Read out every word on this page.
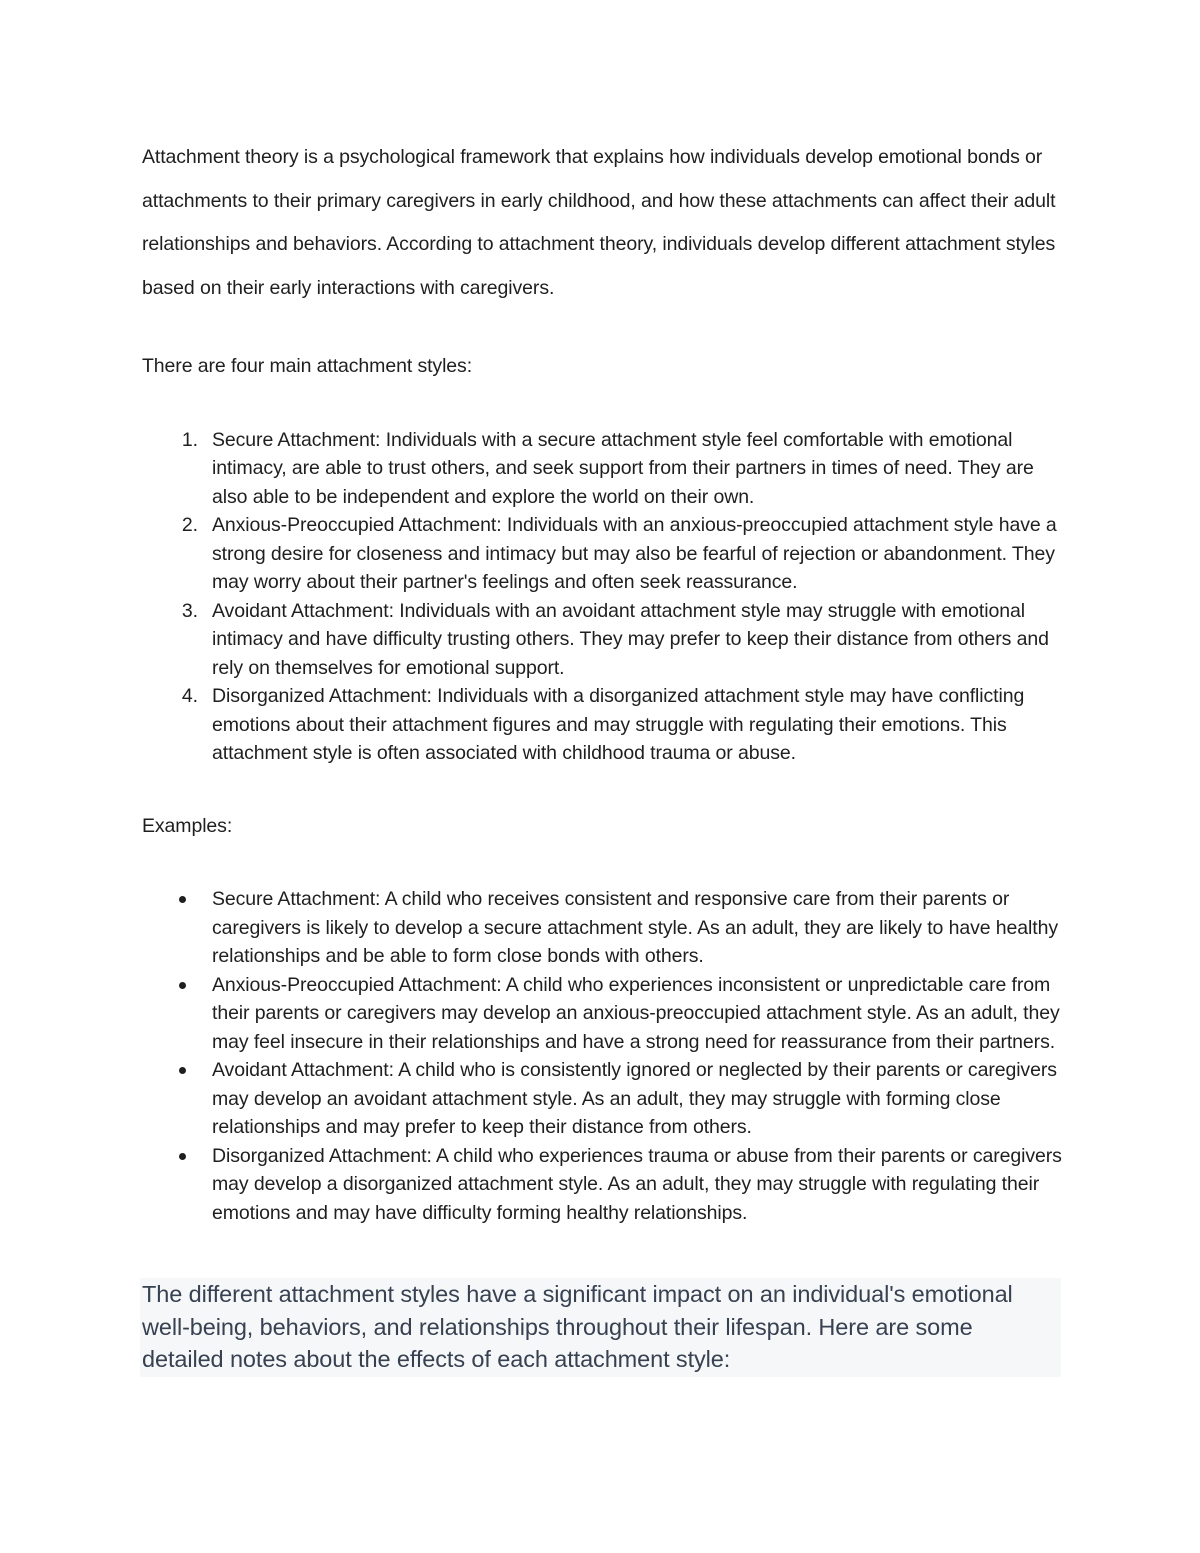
Attachment theory is a psychological framework that explains how individuals develop emotional bonds or attachments to their primary caregivers in early childhood, and how these attachments can affect their adult relationships and behaviors. According to attachment theory, individuals develop different attachment styles based on their early interactions with caregivers.

There are four main attachment styles:

1. Secure Attachment: Individuals with a secure attachment style feel comfortable with emotional intimacy, are able to trust others, and seek support from their partners in times of need. They are also able to be independent and explore the world on their own.
2. Anxious-Preoccupied Attachment: Individuals with an anxious-preoccupied attachment style have a strong desire for closeness and intimacy but may also be fearful of rejection or abandonment. They may worry about their partner's feelings and often seek reassurance.
3. Avoidant Attachment: Individuals with an avoidant attachment style may struggle with emotional intimacy and have difficulty trusting others. They may prefer to keep their distance from others and rely on themselves for emotional support.
4. Disorganized Attachment: Individuals with a disorganized attachment style may have conflicting emotions about their attachment figures and may struggle with regulating their emotions. This attachment style is often associated with childhood trauma or abuse.

Examples:

Secure Attachment: A child who receives consistent and responsive care from their parents or caregivers is likely to develop a secure attachment style. As an adult, they are likely to have healthy relationships and be able to form close bonds with others.
Anxious-Preoccupied Attachment: A child who experiences inconsistent or unpredictable care from their parents or caregivers may develop an anxious-preoccupied attachment style. As an adult, they may feel insecure in their relationships and have a strong need for reassurance from their partners.
Avoidant Attachment: A child who is consistently ignored or neglected by their parents or caregivers may develop an avoidant attachment style. As an adult, they may struggle with forming close relationships and may prefer to keep their distance from others.
Disorganized Attachment: A child who experiences trauma or abuse from their parents or caregivers may develop a disorganized attachment style. As an adult, they may struggle with regulating their emotions and may have difficulty forming healthy relationships.
The different attachment styles have a significant impact on an individual's emotional well-being, behaviors, and relationships throughout their lifespan. Here are some detailed notes about the effects of each attachment style:
